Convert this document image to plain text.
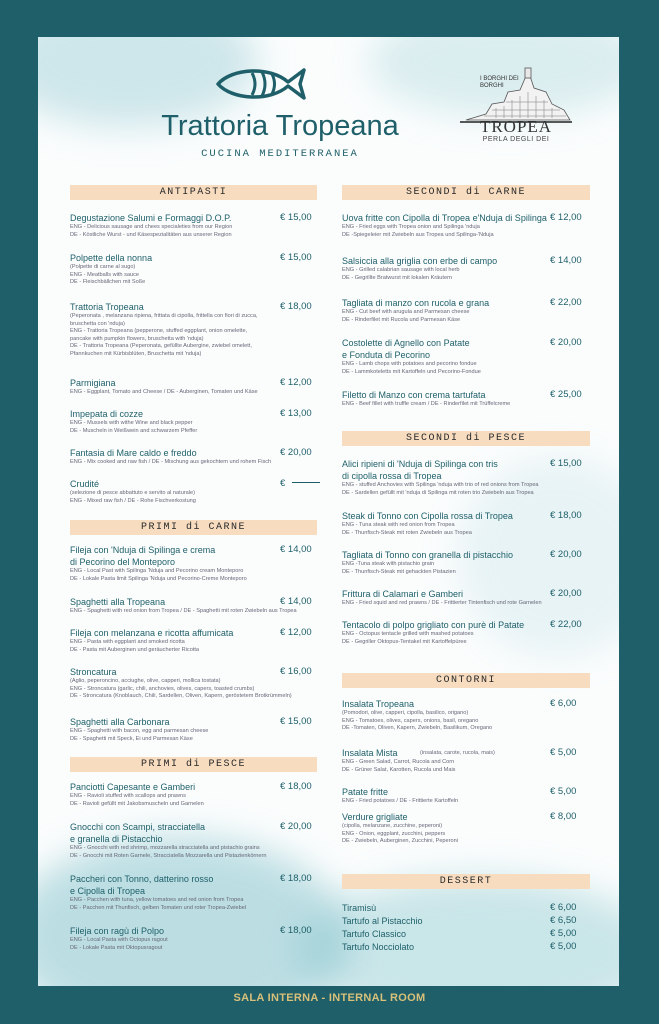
Trattoria Tropeana
CUCINA MEDITERRANEA
I BORGHI DEI BORGHI
TROPEA
PERLA DEGLI DEI
ANTIPASTI
Degustazione Salumi e Formaggi D.O.P.	€ 15,00
ENG - Delicious sausage and chees specialeties from our Region
DE - Köstliche Wurst - und Käsespezialitäten aus unserer Region
Polpette della nonna	€ 15,00
(Polpette di carne al sugo)
ENG - Meatballs with sauce
DE - Fleischbällchen mit Soße
Trattoria Tropeana	€ 18,00
(Peperonata , melanzana ripiena, frittata di cipolla, frittella con fiori di zucca,
bruschetta con 'nduja)
ENG - Trattoria Tropeana (pepperone, stuffed eggplant, onion omelette,
pancake with pumpkin flowers, bruschetta with 'nduja)
DE - Trattoria Tropeana (Peperonata, gefüllte Aubergine, zwiebel omelett,
Pfannkuchen mit Kürbisblüten, Bruschetta mit 'nduja)
Parmigiana	€ 12,00
ENG - Eggplant, Tomato and Cheese / DE - Auberginen, Tomaten und Käse
Impepata di cozze	€ 13,00
ENG - Mussels with withe Wine and black pepper
DE - Muscheln in Weißwein and schwarzem Pfeffer
Fantasia di Mare caldo e freddo	€ 20,00
ENG - Mix cooked and raw fish / DE - Mischung aus gekochtem und rohem Fisch
Crudité	€
(selezione di pesce abbattuto e servito al naturale)
ENG - Mixed raw fish / DE - Rohe Fischverkostung
PRIMI di CARNE
Fileja con 'Nduja di Spilinga e crema
di Pecorino del Monteporo
€ 14,00
ENG - Local Past with Spilinga 'Nduja and Pecorino cream Monteporo
DE - Lokale Pasta limit Spilinga 'Nduja und Pecorino-Creme Monteporo
Spaghetti alla Tropeana	€ 14,00
ENG - Spaghetti with red onion from Tropea / DE - Spaghetti mit roten Zwiebeln aus Tropea
Fileja con melanzana e ricotta affumicata	€ 12,00
ENG - Pasta with eggplant and smoked ricotta
DE - Pasta mit Auberginen und geräucherter Ricotta
Stroncatura	€ 16,00
(Aglio, peperoncino, acciughe, olive, capperi, mollica tostata)
ENG - Stroncatura (garlic, chili, anchovies, olives, capers, toasted crumbs)
DE - Stroncatura (Knoblauch, Chili, Sardellen, Oliven, Kapern, geröstetem Brotkrümmeln)
Spaghetti alla Carbonara	€ 15,00
ENG - Spaghetti with bacon, egg and parmesan cheese
DE - Spaghetti mit Speck, Ei und Parmesan Käse
PRIMI di PESCE
Panciotti Capesante e Gamberi	€ 18,00
ENG - Ravioli stuffed with scallops and prawns
DE - Ravioli gefüllt mit Jakobsmuscheln und Garnelen
Gnocchi con Scampi, stracciatella
e granella di Pistacchio
€ 20,00
ENG - Gnocchi with red shrimp, mozzarella stracciatella and pistachio grains
DE - Gnocchi mit Roten Garnele, Stracciatella Mozzarella und Pistazienkörnern
Paccheri con Tonno, datterino rosso
e Cipolla di Tropea
€ 18,00
ENG - Pacchen with tuna, yellow tomatoes and red onion from Tropea
DE - Pacchen mit Thunfisch, gelben Tomaten und roter Tropea-Zwiebel
Fileja con ragù di Polpo	€ 18,00
ENG - Local Pasta with Octopus ragout
DE - Lokale Pasta mit Oktopusragout
SECONDI di CARNE
Uova fritte con Cipolla di Tropea e'Nduja di Spilinga € 12,00
ENG - Fried eggs with Tropea onion and Spilinga 'nduja
DE -Spiegeleier mit Zwiebeln aus Tropea und Spilinga-'Nduja
Salsiccia alla griglia con erbe di campo	€ 14,00
ENG - Grilled calabrian sausage with local herb
DE - Gegrillte Bratwurst mit lokalen Kräutern
Tagliata di manzo con rucola e grana	€ 22,00
ENG - Cut beef with arugula and Parmesan cheese
DE - Rinderfilet mit Rucola und Parmesan Käse
Costolette di Agnello con Patate
e Fonduta di Pecorino
€ 20,00
ENG - Lamb chops with potatoes and pecorino fondue
DE - Lammkoteletts mit Kartoffeln und Pecorino-Fondue
Filetto di Manzo con crema tartufata	€ 25,00
ENG - Beef fillet with truffle cream / DE - Rinderfilet mit Trüffelcreme
SECONDI di PESCE
Alici ripieni di 'Nduja di Spilinga con tris
di cipolla rossa di Tropea
€ 15,00
ENG - stuffed Anchovies with Spilinga 'nduja with trio of red onions from Tropea
DE - Sardellen gefüllt mit 'nduja di Spilinga mit roten trio Zwiebeln aus Tropea
Steak di Tonno con Cipolla rossa di Tropea	€ 18,00
ENG - Tuna steak with red onion from Tropea
DE - Thunfisch-Steak mit roten Zwiebeln aus Tropea
Tagliata di Tonno con granella di pistacchio	€ 20,00
ENG -Tuna steak with pistachio grain
DE - Thunfisch-Steak mit gehackten Pistazien
Frittura di Calamari e Gamberi	€ 20,00
ENG - Fried squid and red prawns / DE - Frittierter Tintenfisch und rote Garnelen
Tentacolo di polpo grigliato con purè di Patate	€ 22,00
ENG - Octopus tentacle grilled with mashed potatoes
DE - Gegriller Oktopus-Tentakel mit Kartoffelpüree
CONTORNI
Insalata Tropeana	€ 6,00
(Pomodori, olive, capperi, cipolla, basilico, origano)
ENG - Tomatoes, olives, capers, onions, basil, oregano
DE -Tomaten, Oliven, Kapern, Zwiebeln, Basilikum, Oregano
Insalata Mista	(insalata, carote, rucola, mais)	€ 5,00
ENG - Green Salad, Carrot, Rucola and Corn
DE - Grüner Salat, Karotten, Rucola und Mais
Patate fritte	€ 5,00
ENG - Fried potatoes / DE - Frittierte Kartoffeln
Verdure grigliate	€ 8,00
(cipolla, melanzane, zucchine, peperoni)
ENG - Onion, eggplant, zucchini, peppers
DE - Zwiebeln, Auberginen, Zucchini, Peperoni
DESSERT
Tiramisù	€ 6,00
Tartufo al Pistacchio	€ 6,50
Tartufo Classico	€ 5,00
Tartufo Nocciolato	€ 5,00
SALA INTERNA - INTERNAL ROOM
